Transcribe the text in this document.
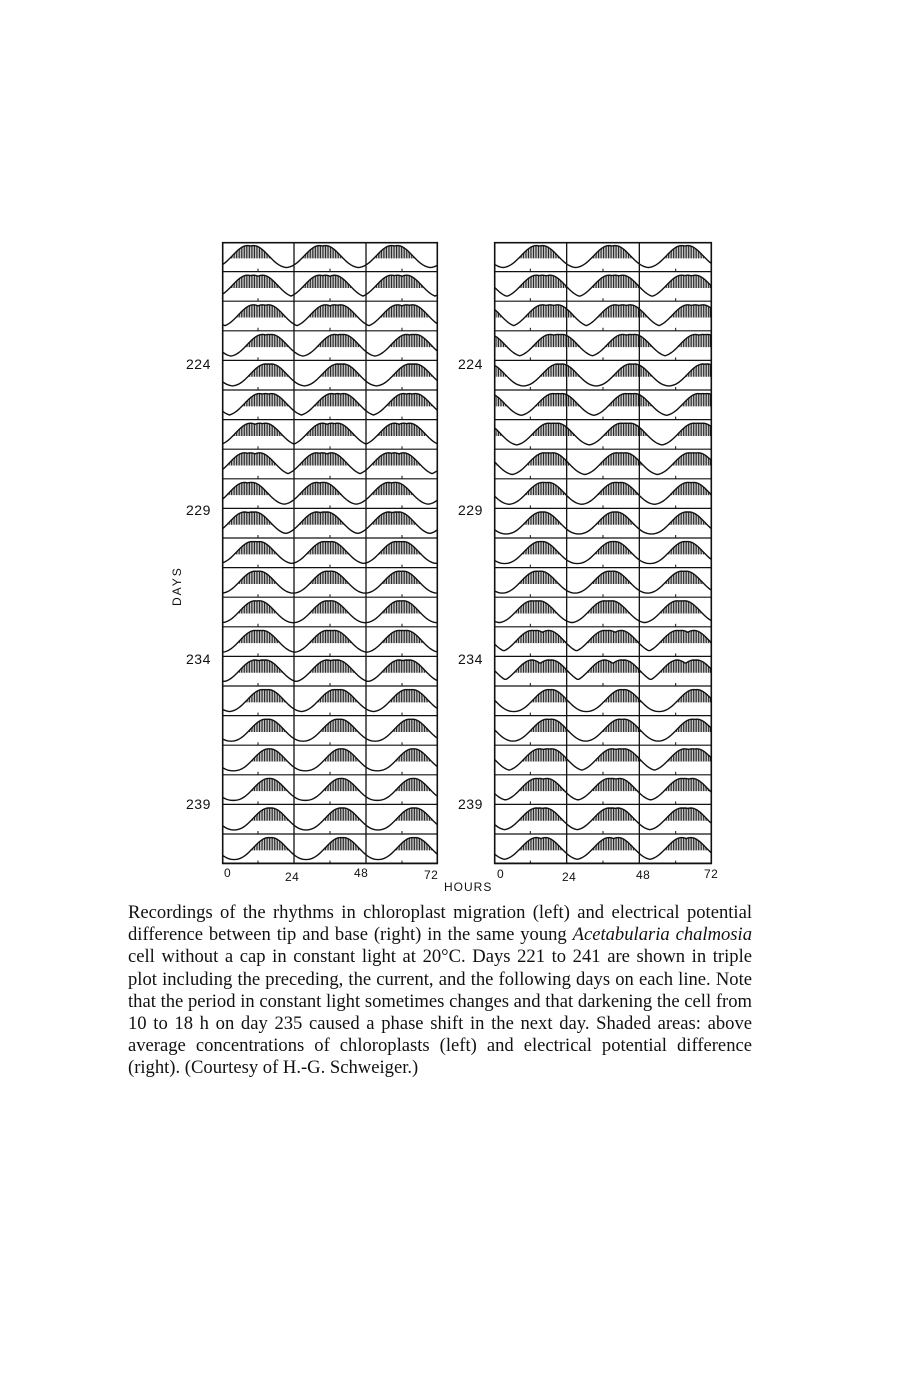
224
229
234
239
224
229
234
239
DAYS
0	24	48	72	0	24	48	72
HOURS
Recordings of the rhythms in chloroplast migration (left) and electrical potential difference between tip and base (right) in the same young Acetabularia chalmosia cell without a cap in constant light at 20°C. Days 221 to 241 are shown in triple plot including the preceding, the current, and the following days on each line. Note that the period in constant light sometimes changes and that darkening the cell from 10 to 18 h on day 235 caused a phase shift in the next day. Shaded areas: above average concentrations of chloroplasts (left) and electrical potential difference (right). (Courtesy of H.-G. Schweiger.)
